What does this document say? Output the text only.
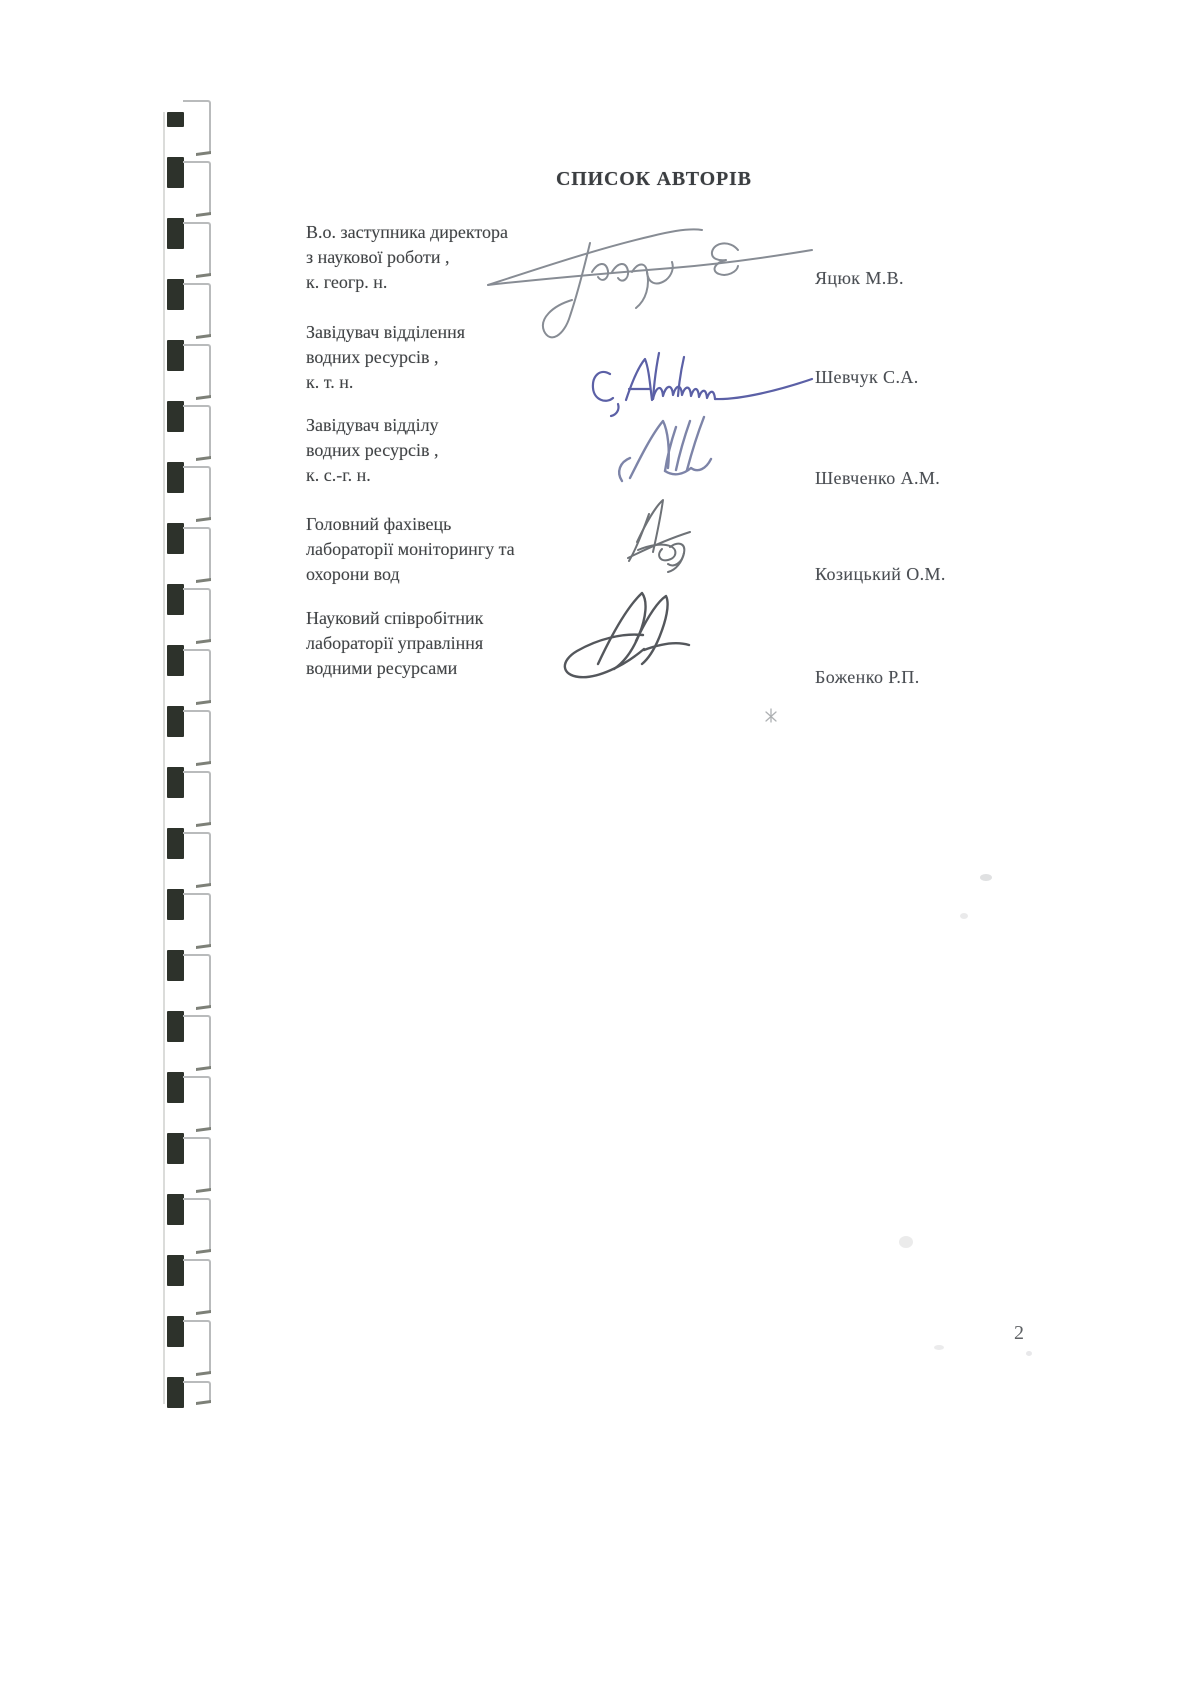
СПИСОК АВТОРІВ
В.о. заступника директора
з наукової роботи ,
к. геогр. н.	Яцюк М.В.
Завідувач відділення
водних ресурсів ,
к. т. н.	Шевчук С.А.
Завідувач відділу
водних ресурсів ,
к. с.-г. н.	Шевченко А.М.
Головний фахівець
лабораторії моніторингу та
охорони вод	Козицький О.М.
Науковий співробітник
лабораторії управління
водними ресурсами	Боженко Р.П.
2
